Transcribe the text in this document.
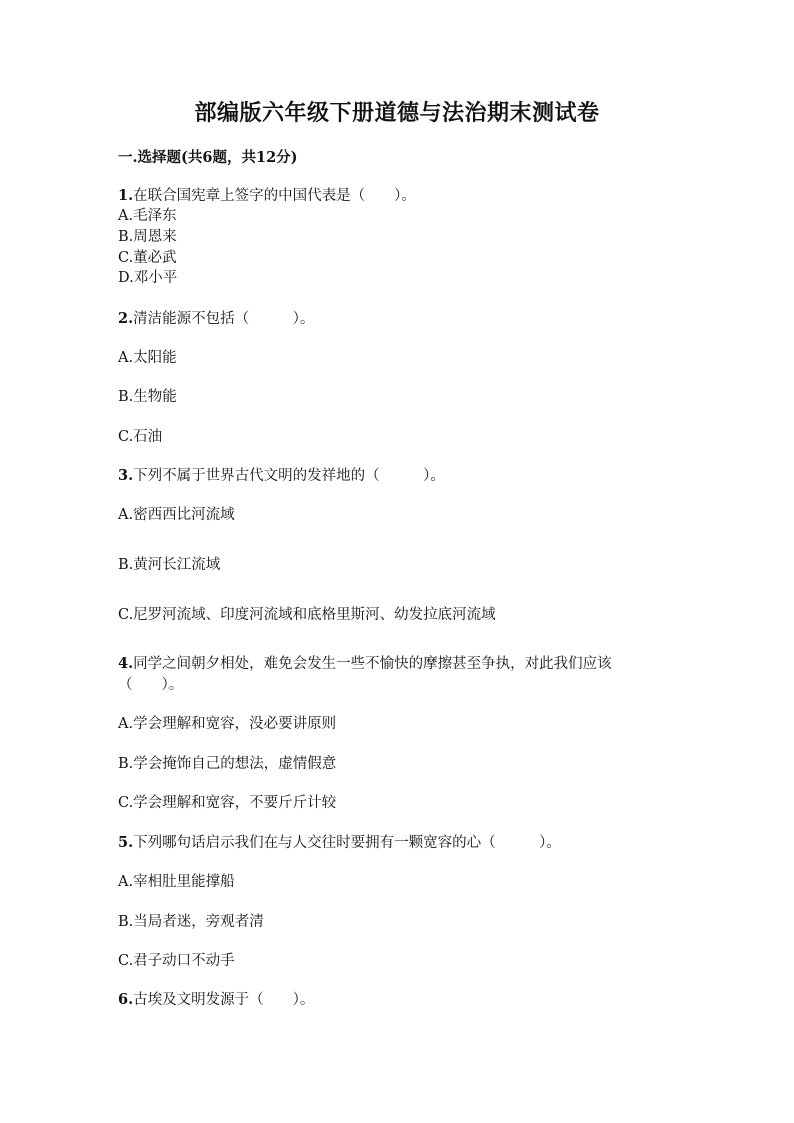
部编版六年级下册道德与法治期末测试卷
一.选择题(共6题，共12分)
1.在联合国宪章上签字的中国代表是（　　）。
A.毛泽东
B.周恩来
C.董必武
D.邓小平
2.清洁能源不包括（　　　）。
A.太阳能
B.生物能
C.石油
3.下列不属于世界古代文明的发祥地的（　　　）。
A.密西西比河流域
B.黄河长江流域
C.尼罗河流域、印度河流域和底格里斯河、幼发拉底河流域
4.同学之间朝夕相处，难免会发生一些不愉快的摩擦甚至争执，对此我们应该
（　　）。
A.学会理解和宽容，没必要讲原则
B.学会掩饰自己的想法，虚情假意
C.学会理解和宽容，不要斤斤计较
5.下列哪句话启示我们在与人交往时要拥有一颗宽容的心（　　　）。
A.宰相肚里能撑船
B.当局者迷，旁观者清
C.君子动口不动手
6.古埃及文明发源于（　　）。
